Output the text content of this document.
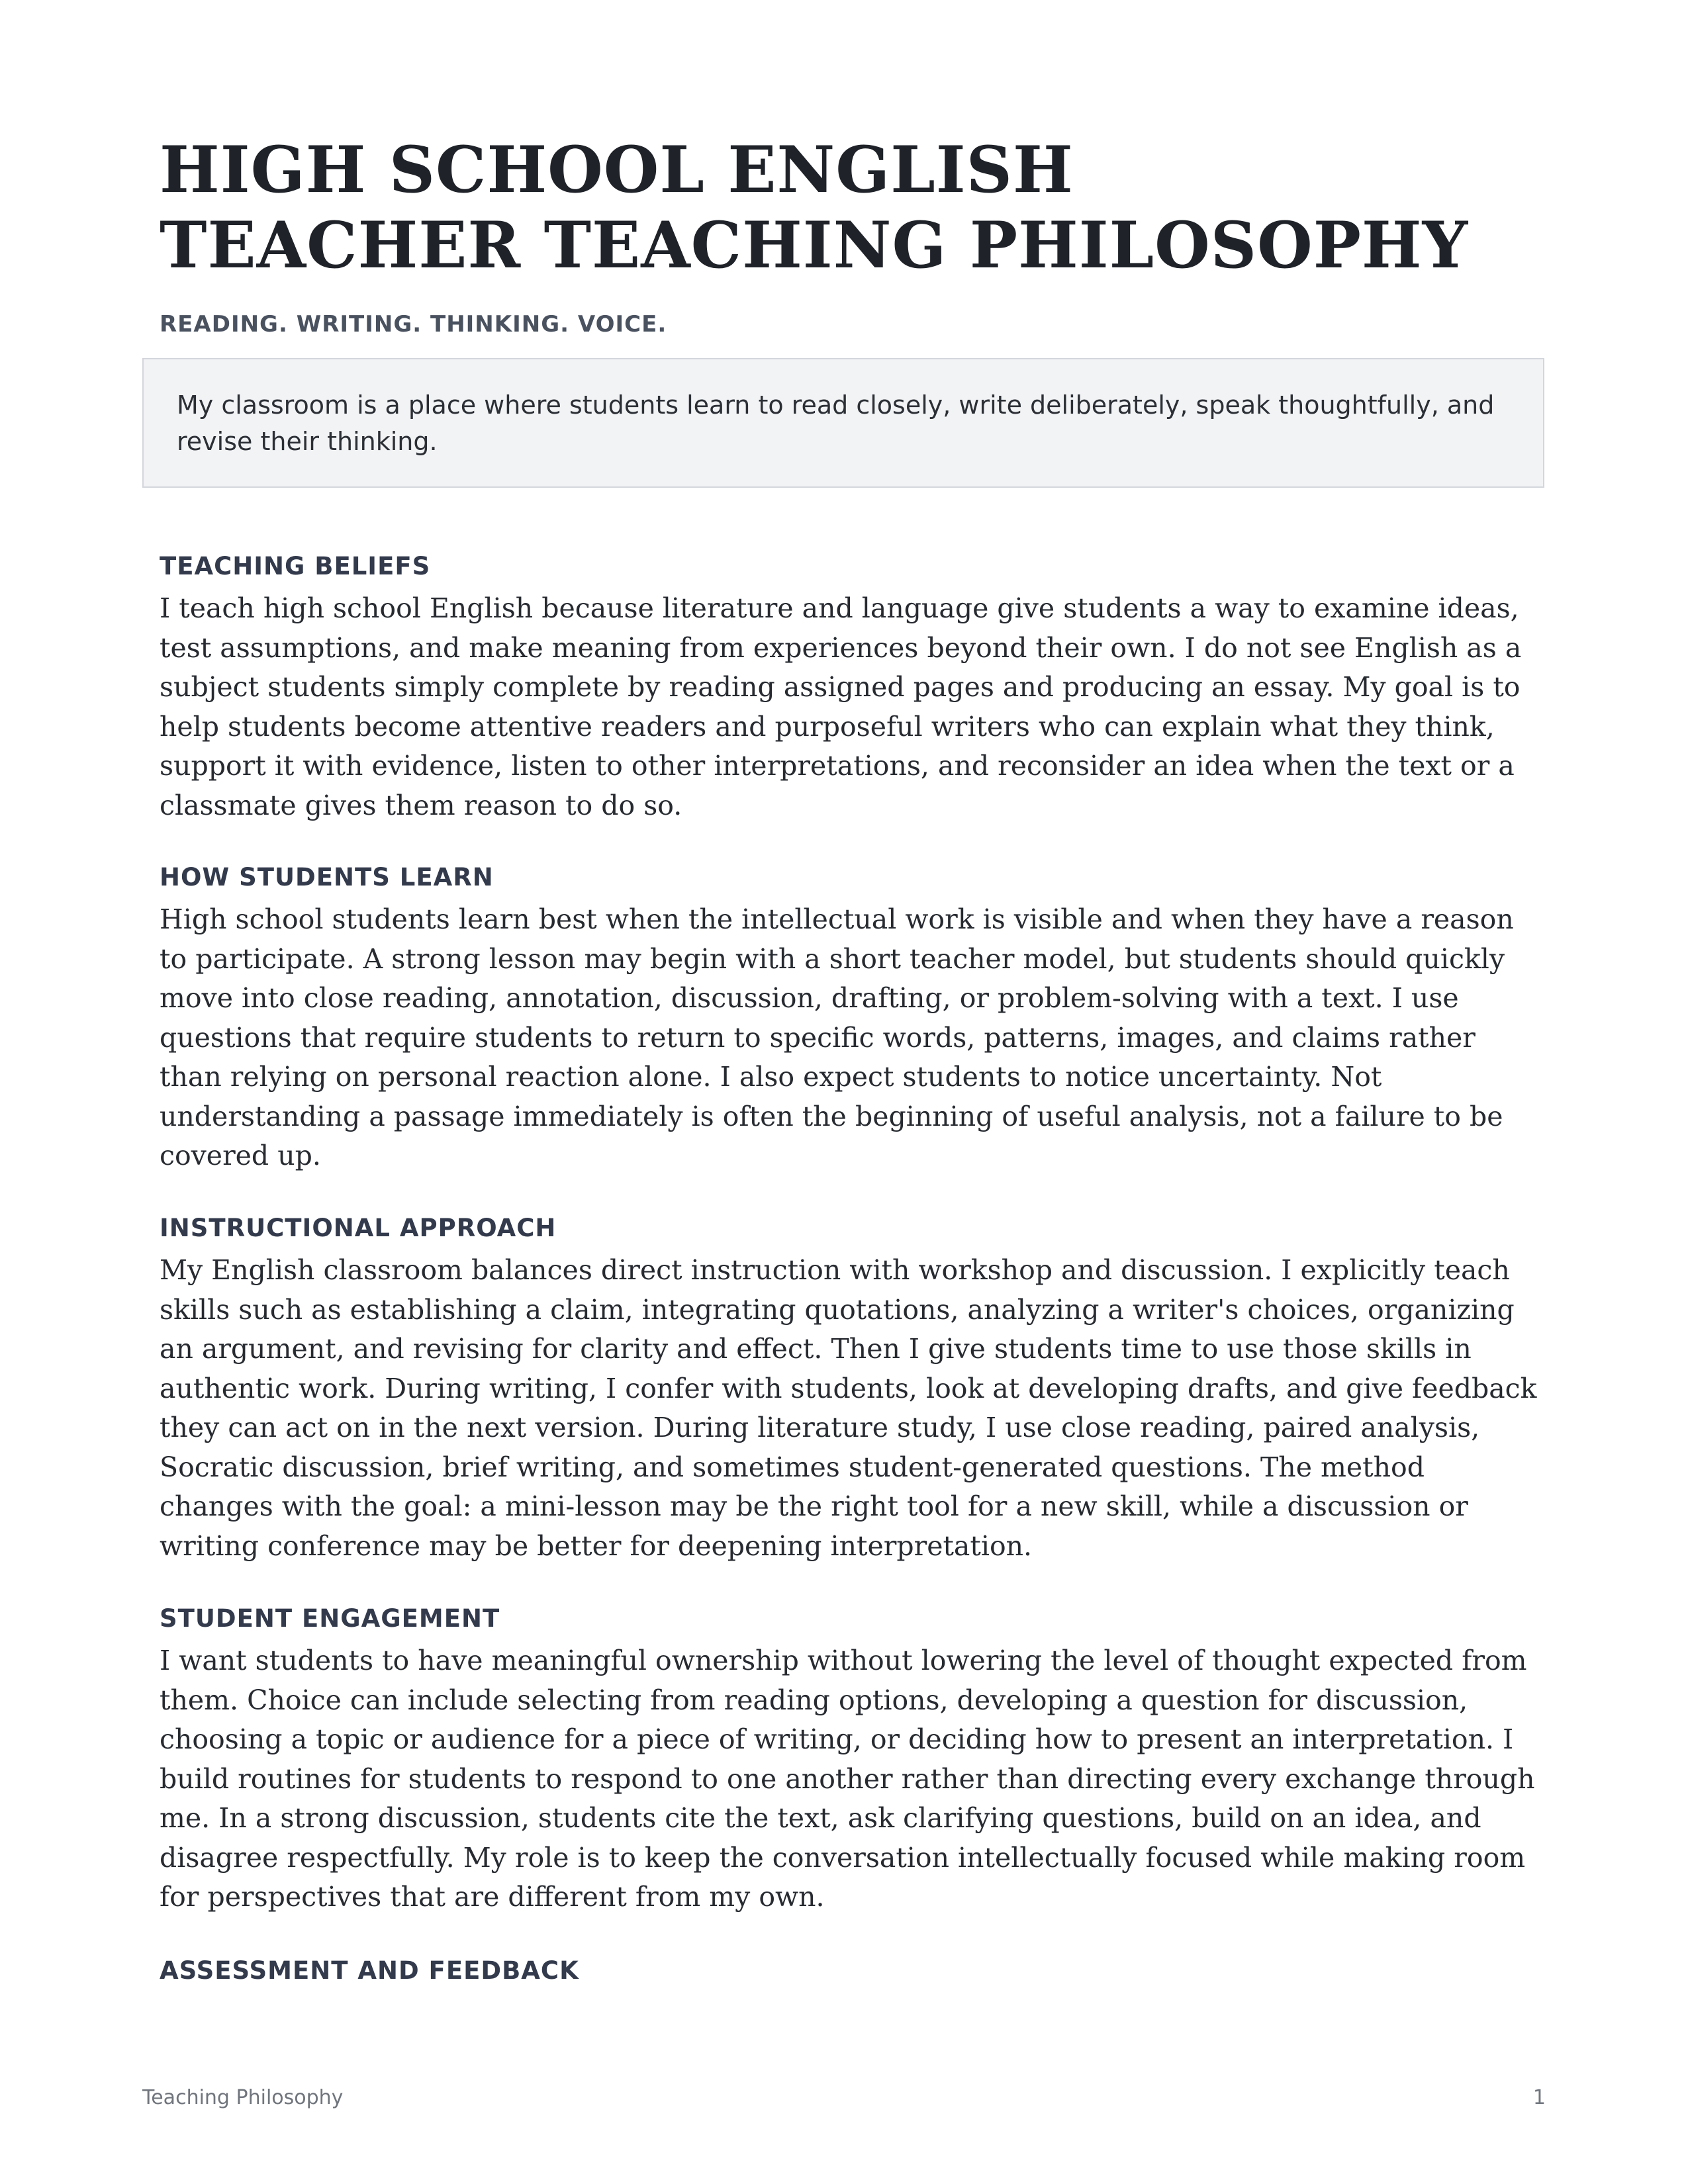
HIGH SCHOOL ENGLISH
TEACHER TEACHING PHILOSOPHY

READING. WRITING. THINKING. VOICE.

My classroom is a place where students learn to read closely, write deliberately, speak thoughtfully, and revise their thinking.
TEACHING BELIEFS

I teach high school English because literature and language give students a way to examine ideas, test assumptions, and make meaning from experiences beyond their own. I do not see English as a subject students simply complete by reading assigned pages and producing an essay. My goal is to help students become attentive readers and purposeful writers who can explain what they think, support it with evidence, listen to other interpretations, and reconsider an idea when the text or a classmate gives them reason to do so.

HOW STUDENTS LEARN

High school students learn best when the intellectual work is visible and when they have a reason to participate. A strong lesson may begin with a short teacher model, but students should quickly move into close reading, annotation, discussion, drafting, or problem-solving with a text. I use questions that require students to return to specific words, patterns, images, and claims rather than relying on personal reaction alone. I also expect students to notice uncertainty. Not understanding a passage immediately is often the beginning of useful analysis, not a failure to be covered up.

INSTRUCTIONAL APPROACH

My English classroom balances direct instruction with workshop and discussion. I explicitly teach skills such as establishing a claim, integrating quotations, analyzing a writer's choices, organizing an argument, and revising for clarity and effect. Then I give students time to use those skills in authentic work. During writing, I confer with students, look at developing drafts, and give feedback they can act on in the next version. During literature study, I use close reading, paired analysis, Socratic discussion, brief writing, and sometimes student-generated questions. The method changes with the goal: a mini-lesson may be the right tool for a new skill, while a discussion or writing conference may be better for deepening interpretation.

STUDENT ENGAGEMENT

I want students to have meaningful ownership without lowering the level of thought expected from them. Choice can include selecting from reading options, developing a question for discussion, choosing a topic or audience for a piece of writing, or deciding how to present an interpretation. I build routines for students to respond to one another rather than directing every exchange through me. In a strong discussion, students cite the text, ask clarifying questions, build on an idea, and disagree respectfully. My role is to keep the conversation intellectually focused while making room for perspectives that are different from my own.

ASSESSMENT AND FEEDBACK
Teaching Philosophy	1
